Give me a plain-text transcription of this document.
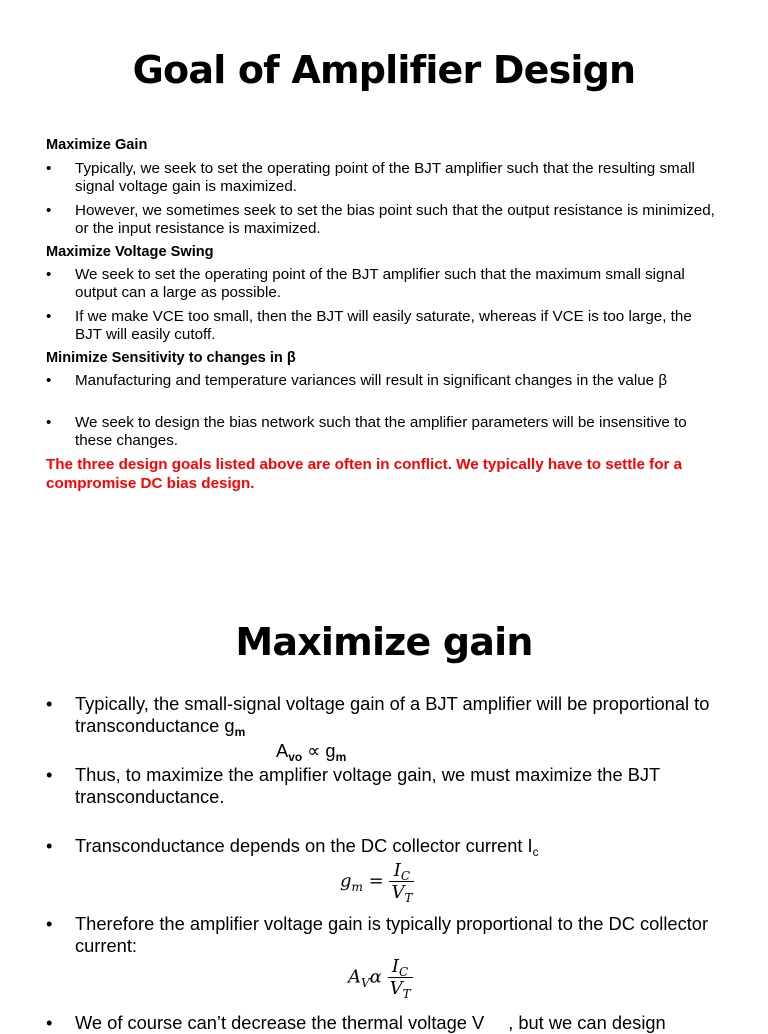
Goal of Amplifier Design
Maximize Gain
• Typically, we seek to set the operating point of the BJT amplifier such that the resulting small signal voltage gain is maximized.
• However, we sometimes seek to set the bias point such that the output resistance is minimized, or the input resistance is maximized.
Maximize Voltage Swing
• We seek to set the operating point of the BJT amplifier such that the maximum small signal output can a large as possible.
• If we make VCE too small, then the BJT will easily saturate, whereas if VCE is too large, the BJT will easily cutoff.
Minimize Sensitivity to changes in β
• Manufacturing and temperature variances will result in significant changes in the value β
• We seek to design the bias network such that the amplifier parameters will be insensitive to these changes.
The three design goals listed above are often in conflict. We typically have to settle for a compromise DC bias design.
Maximize gain
• Typically, the small-signal voltage gain of a BJT amplifier will be proportional to transconductance $g_m$
$A_{vo} \propto g_m$
• Thus, to maximize the amplifier voltage gain, we must maximize the BJT transconductance.
• Transconductance depends on the DC collector current $I_c$
$g_m = \frac{I_C}{V_T}$
• Therefore the amplifier voltage gain is typically proportional to the DC collector current:
$A_V\alpha \frac{I_C}{V_T}$
• We of course can’t decrease the thermal voltage V , but we can design
